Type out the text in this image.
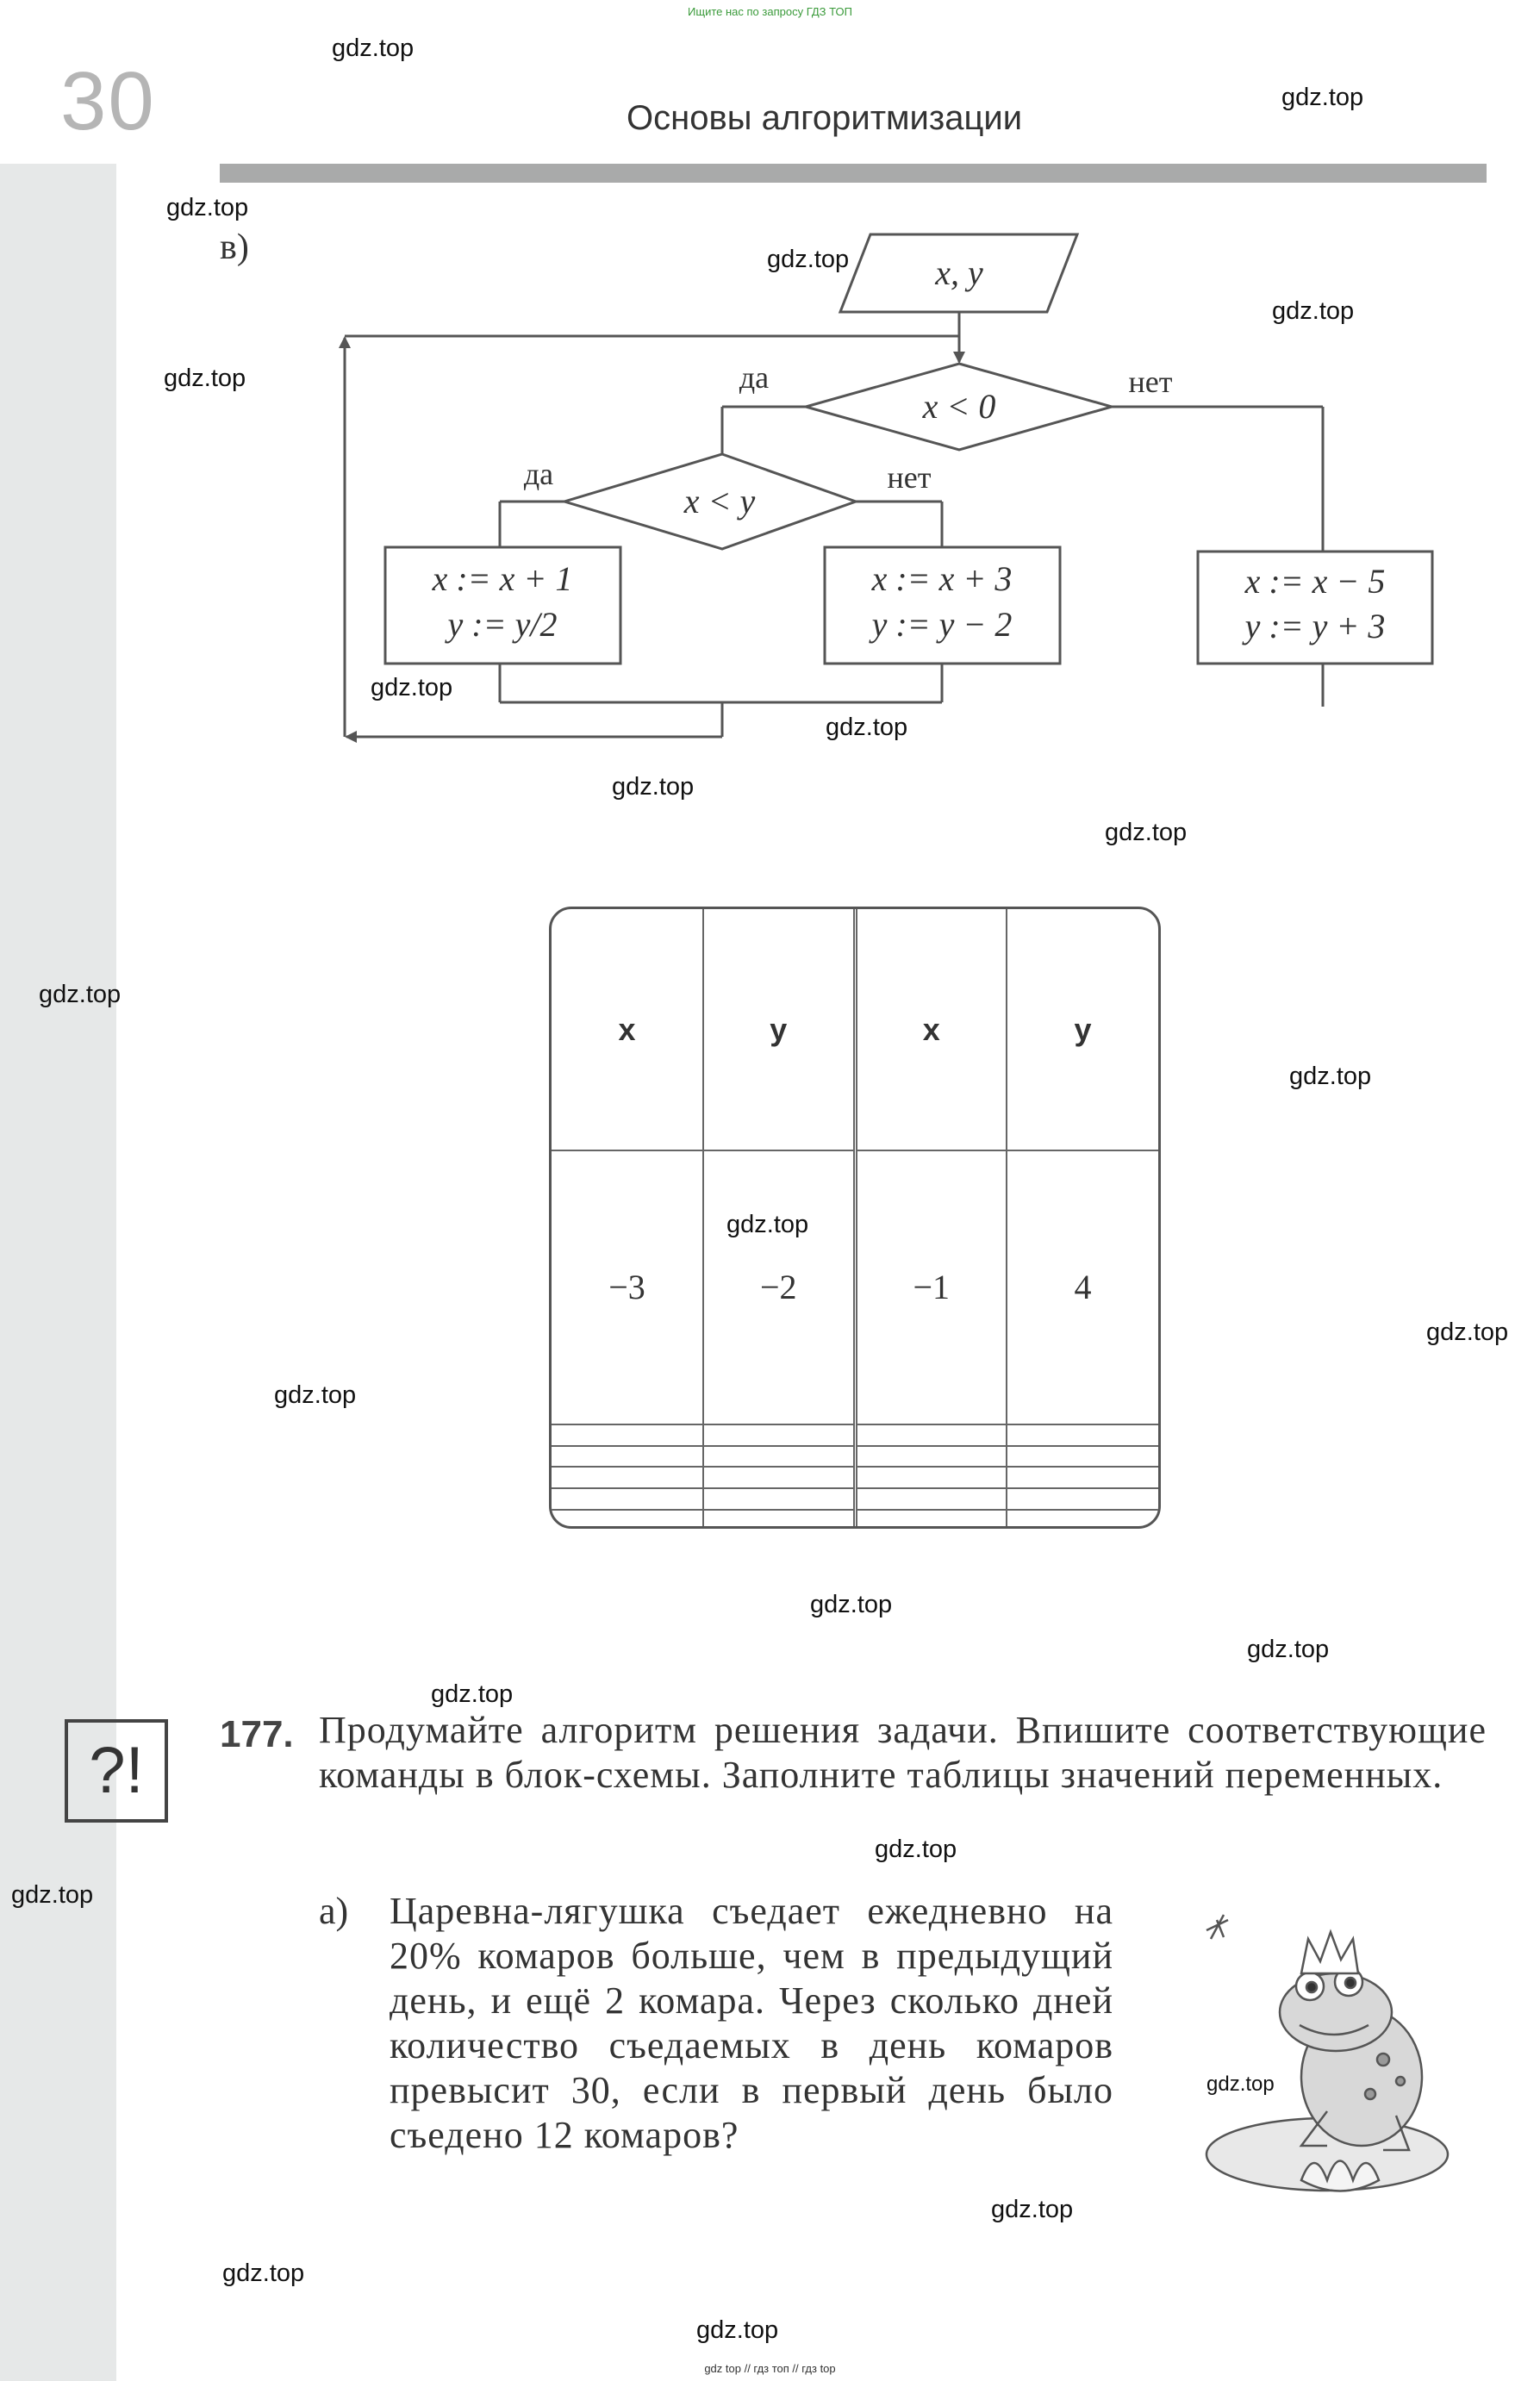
Ищите нас по запросу ГДЗ ТОП
30	Основы алгоритмизации
в)
x, y
x < 0
x < y
x := x + 1
y := y/2
x := x + 3
y := y − 2
x := x − 5
y := y + 3
да	нет
да	нет
x	y	x	y
−3	−2	−1	4

?!	177. Продумайте алгоритм решения задачи. Впишите соответствующие команды в блок-схемы. Заполните таблицы значений переменных.
а) Царевна-лягушка съедает ежедневно на 20% комаров больше, чем в предыдущий день, и ещё 2 комара. Через сколько дней количество съедаемых в день комаров превысит 30, если в первый день было съедено 12 комаров?
gdz.top
gdz.top
gdz.top
gdz.top
gdz.top
gdz.top
gdz.top
gdz.top
gdz.top
gdz.top
gdz.top
gdz.top
gdz.top
gdz.top
gdz.top
gdz.top
gdz.top
gdz.top
gdz.top
gdz.top
gdz.top
gdz.top
gdz.top
gdz.top
gdz top // гдз топ // гдз top
